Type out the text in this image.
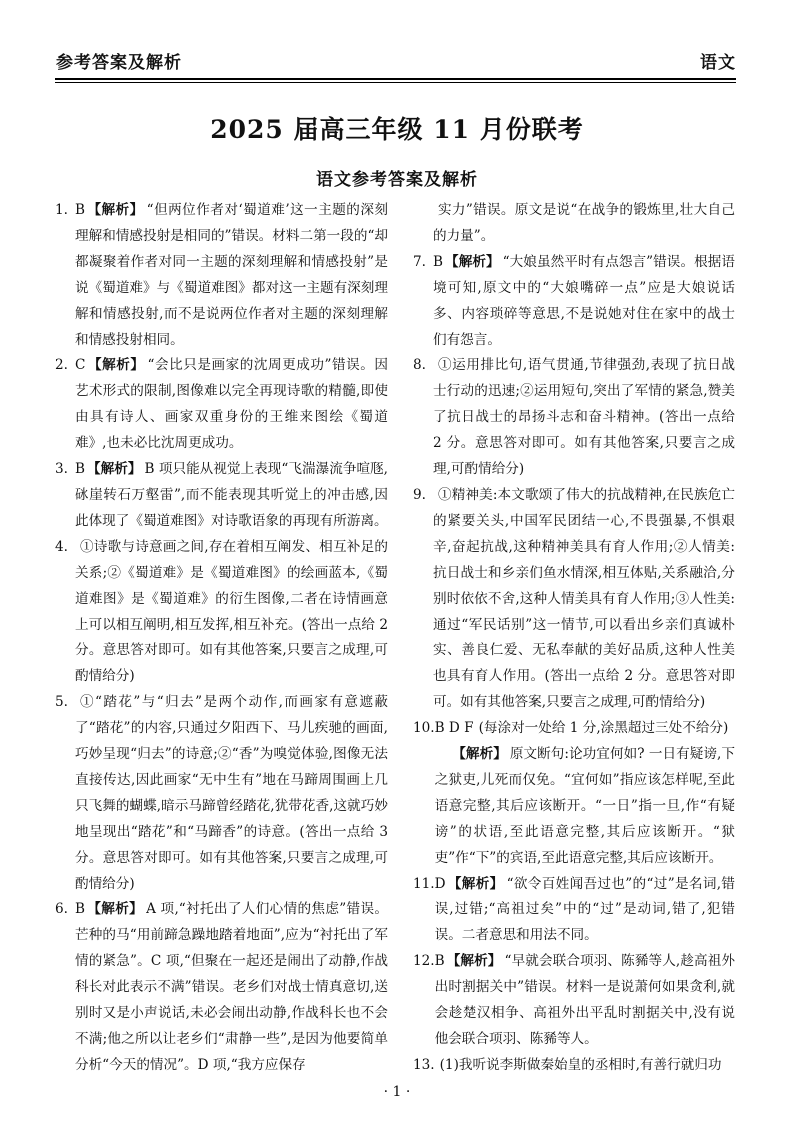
参考答案及解析	语文
2025 届高三年级 11 月份联考
语文参考答案及解析
1. B 【解析】 “但两位作者对‘蜀道难’这一主题的深刻理解和情感投射是相同的”错误。材料二第一段的“却都凝聚着作者对同一主题的深刻理解和情感投射”是说《蜀道难》与《蜀道难图》都对这一主题有深刻理解和情感投射,而不是说两位作者对主题的深刻理解和情感投射相同。
2. C 【解析】 “会比只是画家的沈周更成功”错误。因艺术形式的限制,图像难以完全再现诗歌的精髓,即使由具有诗人、画家双重身份的王维来图绘《蜀道难》,也未必比沈周更成功。
3. B 【解析】 B 项只能从视觉上表现“飞湍瀑流争喧豗,砯崖转石万壑雷”,而不能表现其听觉上的冲击感,因此体现了《蜀道难图》对诗歌语象的再现有所游离。
4. ①诗歌与诗意画之间,存在着相互阐发、相互补足的关系;②《蜀道难》是《蜀道难图》的绘画蓝本,《蜀道难图》是《蜀道难》的衍生图像,二者在诗情画意上可以相互阐明,相互发挥,相互补充。(答出一点给 2 分。意思答对即可。如有其他答案,只要言之成理,可酌情给分)
5. ①“踏花”与“归去”是两个动作,而画家有意遮蔽了“踏花”的内容,只通过夕阳西下、马儿疾驰的画面,巧妙呈现“归去”的诗意;②“香”为嗅觉体验,图像无法直接传达,因此画家“无中生有”地在马蹄周围画上几只飞舞的蝴蝶,暗示马蹄曾经踏花,犹带花香,这就巧妙地呈现出“踏花”和“马蹄香”的诗意。(答出一点给 3 分。意思答对即可。如有其他答案,只要言之成理,可酌情给分)
6. B 【解析】 A 项,“衬托出了人们心情的焦虑”错误。芒种的马“用前蹄急躁地踏着地面”,应为“衬托出了军情的紧急”。C 项,“但聚在一起还是闹出了动静,作战科长对此表示不满”错误。老乡们对战士情真意切,送别时又是小声说话,未必会闹出动静,作战科长也不会不满;他之所以让老乡们“肃静一些”,是因为他要简单分析“今天的情况”。D 项,“我方应保存
实力”错误。原文是说“在战争的锻炼里,壮大自己的力量”。
7. B 【解析】 “大娘虽然平时有点怨言”错误。根据语境可知,原文中的“大娘嘴碎一点”应是大娘说话多、内容琐碎等意思,不是说她对住在家中的战士们有怨言。
8. ①运用排比句,语气贯通,节律强劲,表现了抗日战士行动的迅速;②运用短句,突出了军情的紧急,赞美了抗日战士的昂扬斗志和奋斗精神。(答出一点给 2 分。意思答对即可。如有其他答案,只要言之成理,可酌情给分)
9. ①精神美:本文歌颂了伟大的抗战精神,在民族危亡的紧要关头,中国军民团结一心,不畏强暴,不惧艰辛,奋起抗战,这种精神美具有育人作用;②人情美:抗日战士和乡亲们鱼水情深,相互体贴,关系融洽,分别时依依不舍,这种人情美具有育人作用;③人性美:通过“军民话别”这一情节,可以看出乡亲们真诚朴实、善良仁爱、无私奉献的美好品质,这种人性美也具有育人作用。(答出一点给 2 分。意思答对即可。如有其他答案,只要言之成理,可酌情给分)
10. B D F (每涂对一处给 1 分,涂黑超过三处不给分)
【解析】 原文断句:论功宜何如? 一日有疑谤,下之狱吏,儿死而仅免。“宜何如”指应该怎样呢,至此语意完整,其后应该断开。“一日”指一旦,作“有疑谤”的状语,至此语意完整,其后应该断开。“狱吏”作“下”的宾语,至此语意完整,其后应该断开。
11. D 【解析】 “欲令百姓闻吾过也”的“过”是名词,错误,过错;“高祖过矣”中的“过”是动词,错了,犯错误。二者意思和用法不同。
12. B 【解析】 “早就会联合项羽、陈豨等人,趁高祖外出时割据关中”错误。材料一是说萧何如果贪利,就会趁楚汉相争、高祖外出平乱时割据关中,没有说他会联合项羽、陈豨等人。
13. (1)我听说李斯做秦始皇的丞相时,有善行就归功
· 1 ·
